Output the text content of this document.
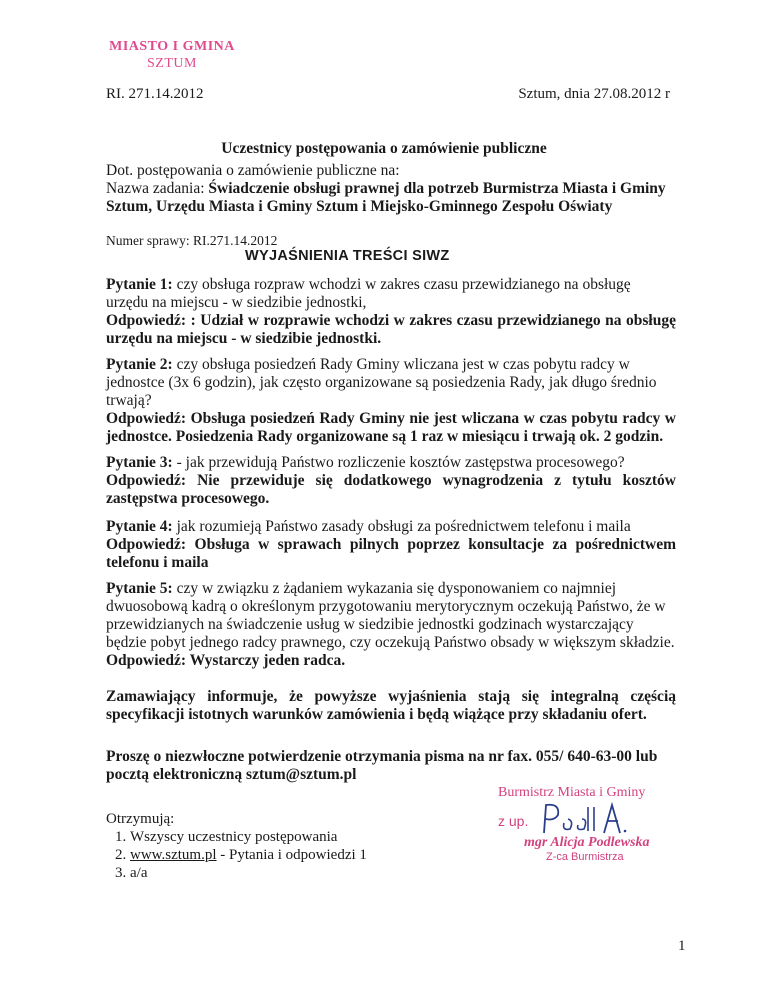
MIASTO I GMINA
SZTUM
RI. 271.14.2012	Sztum, dnia 27.08.2012 r
Uczestnicy postępowania o zamówienie publiczne
Dot. postępowania o zamówienie publiczne na:
Nazwa zadania: Świadczenie obsługi prawnej dla potrzeb Burmistrza Miasta i Gminy Sztum, Urzędu Miasta i Gminy Sztum i Miejsko-Gminnego Zespołu Oświaty
Numer sprawy: RI.271.14.2012
WYJAŚNIENIA TREŚCI SIWZ
Pytanie 1: czy obsługa rozpraw wchodzi w zakres czasu przewidzianego na obsługę urzędu na miejscu - w siedzibie jednostki,
Odpowiedź: : Udział w rozprawie wchodzi w zakres czasu przewidzianego na obsługę urzędu na miejscu - w siedzibie jednostki.
Pytanie 2: czy obsługa posiedzeń Rady Gminy wliczana jest w czas pobytu radcy w jednostce (3x 6 godzin), jak często organizowane są posiedzenia Rady, jak długo średnio trwają?
Odpowiedź: Obsługa posiedzeń Rady Gminy nie jest wliczana w czas pobytu radcy w jednostce. Posiedzenia Rady organizowane są 1 raz w miesiącu i trwają ok. 2 godzin.
Pytanie 3: - jak przewidują Państwo rozliczenie kosztów zastępstwa procesowego?
Odpowiedź: Nie przewiduje się dodatkowego wynagrodzenia z tytułu kosztów zastępstwa procesowego.
Pytanie 4: jak rozumieją Państwo zasady obsługi za pośrednictwem telefonu i maila
Odpowiedź: Obsługa w sprawach pilnych poprzez konsultacje za pośrednictwem telefonu i maila
Pytanie 5: czy w związku z żądaniem wykazania się dysponowaniem co najmniej dwuosobową kadrą o określonym przygotowaniu merytorycznym oczekują Państwo, że w przewidzianych na świadczenie usług w siedzibie jednostki godzinach wystarczający będzie pobyt jednego radcy prawnego, czy oczekują Państwo obsady w większym składzie.
Odpowiedź: Wystarczy jeden radca.
Zamawiający informuje, że powyższe wyjaśnienia stają się integralną częścią specyfikacji istotnych warunków zamówienia i będą wiążące przy składaniu ofert.
Proszę o niezwłoczne potwierdzenie otrzymania pisma na nr fax. 055/ 640-63-00 lub pocztą elektroniczną sztum@sztum.pl
Otrzymują:
1. Wszyscy uczestnicy postępowania
2. www.sztum.pl - Pytania i odpowiedzi 1
3. a/a
Burmistrz Miasta i Gminy
z up.
mgr Alicja Podlewska
Z-ca Burmistrza
1
